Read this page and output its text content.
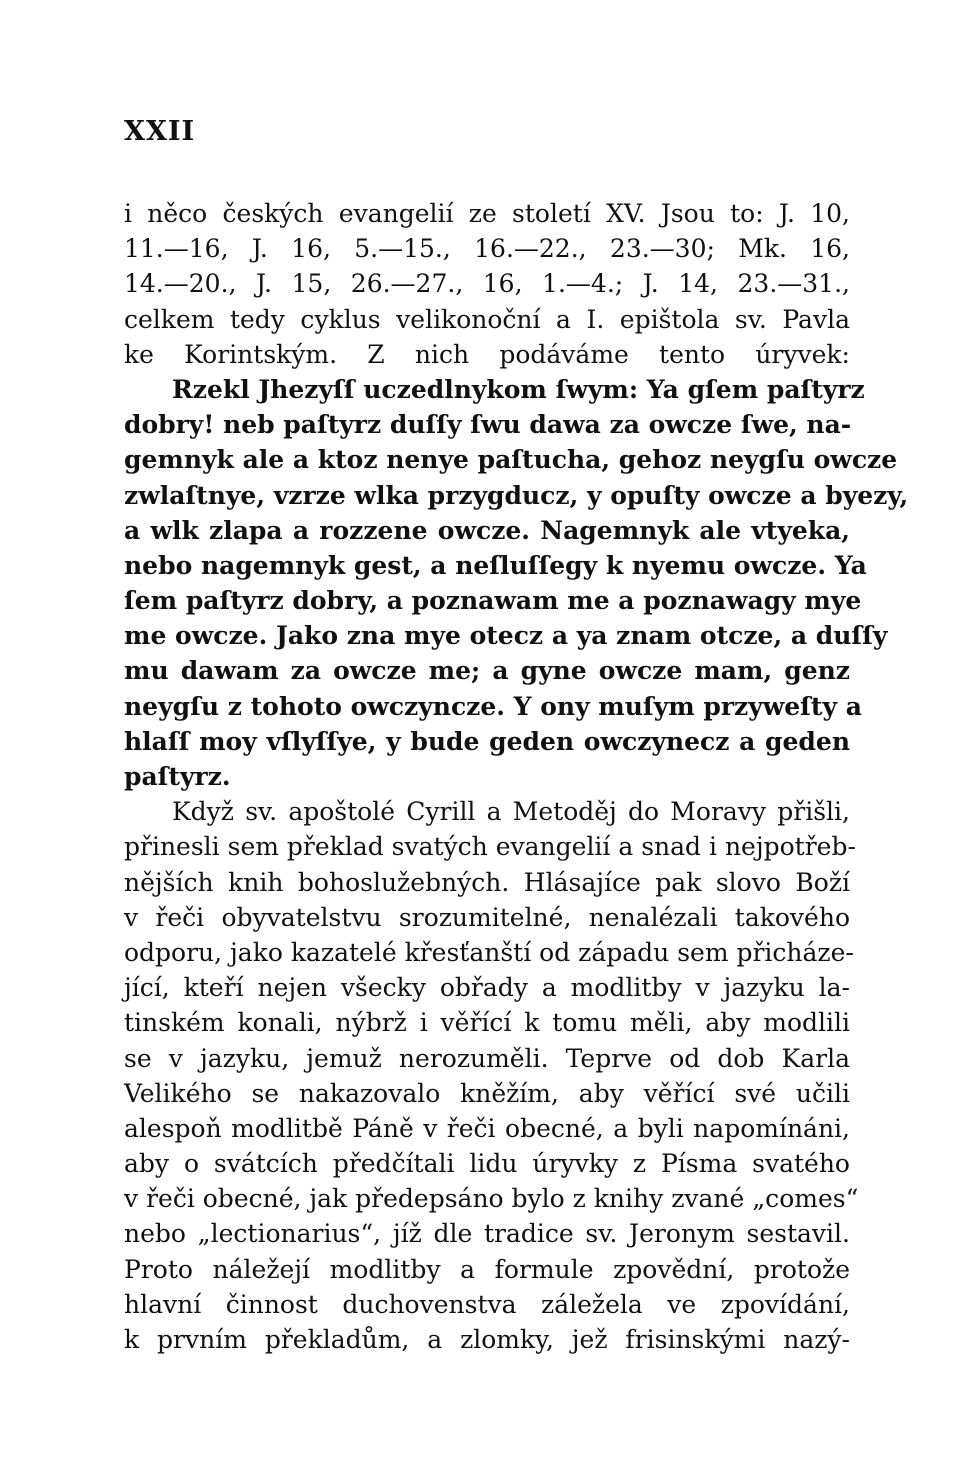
XXII
i něco českých evangelií ze století XV. Jsou to: J. 10,
11.—16, J. 16, 5.—15., 16.—22., 23.—30; Mk. 16,
14.—20., J. 15, 26.—27., 16, 1.—4.; J. 14, 23.—31.,
celkem tedy cyklus velikonoční a I. epištola sv. Pavla
ke Korintským. Z nich podáváme tento úryvek:
Rzekl Jhezyſſ uczedlnykom ſwym: Ya gſem paſtyrz
dobry! neb paſtyrz duſſy ſwu dawa za owcze ſwe, na-
gemnyk ale a ktoz nenye paſtucha, gehoz neygſu owcze
zwlaſtnye, vzrze wlka przygducz, y opuſty owcze a byezy,
a wlk zlapa a rozzene owcze. Nagemnyk ale vtyeka,
nebo nagemnyk gest, a neſluſſegy k nyemu owcze. Ya
ſem paſtyrz dobry, a poznawam me a poznawagy mye
me owcze. Jako zna mye otecz a ya znam otcze, a duſſy
mu dawam za owcze me; a gyne owcze mam, genz
neygſu z tohoto owczyncze. Y ony muſym przyweſty a
hlaſſ moy vſlyſſye, y bude geden owczynecz a geden
paſtyrz.
Když sv. apoštolé Cyrill a Metoděj do Moravy přišli,
přinesli sem překlad svatých evangelií a snad i nejpotřeb-
nějších knih bohoslužebných. Hlásajíce pak slovo Boží
v řeči obyvatelstvu srozumitelné, nenalézali takového
odporu, jako kazatelé křesťanští od západu sem přicháze-
jící, kteří nejen všecky obřady a modlitby v jazyku la-
tinském konali, nýbrž i věřící k tomu měli, aby modlili
se v jazyku, jemuž nerozuměli. Teprve od dob Karla
Velikého se nakazovalo kněžím, aby věřící své učili
alespoň modlitbě Páně v řeči obecné, a byli napomínáni,
aby o svátcích předčítali lidu úryvky z Písma svatého
v řeči obecné, jak předepsáno bylo z knihy zvané „comes“
nebo „lectionarius“, jíž dle tradice sv. Jeronym sestavil.
Proto náležejí modlitby a formule zpovědní, protože
hlavní činnost duchovenstva záležela ve zpovídání,
k prvním překladům, a zlomky, jež frisinskými nazý-
